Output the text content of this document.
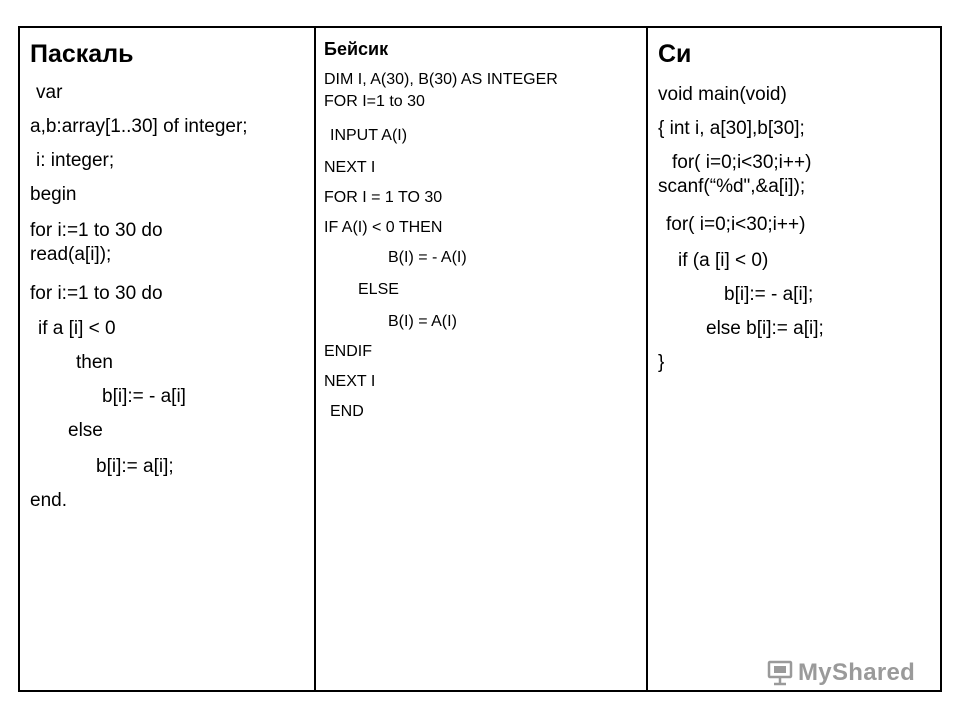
Паскаль
var
a,b:array[1..30] of integer;
i: integer;
begin
for i:=1 to 30 do
read(a[i]);
for i:=1 to 30 do
if a [i] < 0
then
b[i]:= - a[i]
else
b[i]:= a[i];
end.
Бейсик
DIM I, A(30), B(30) AS INTEGER
FOR I=1 to 30
INPUT A(I)
NEXT I
FOR I = 1 TO 30
IF A(I) < 0 THEN
B(I) = - A(I)
ELSE
B(I) = A(I)
ENDIF
NEXT I
END
Си
void main(void)
{ int i, a[30],b[30];
for( i=0;i<30;i++)
scanf(“%d",&a[i]);
for( i=0;i<30;i++)
if (a [i] < 0)
b[i]:= - a[i];
else b[i]:= a[i];
}
MyShared
